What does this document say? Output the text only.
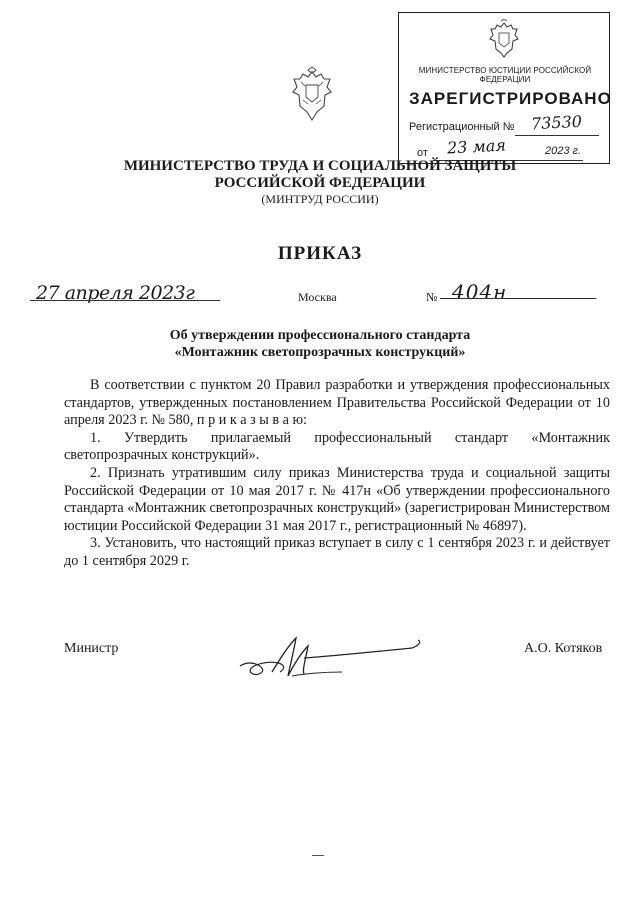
МИНИСТЕРСТВО ЮСТИЦИИ РОССИЙСКОЙ ФЕДЕРАЦИИ
ЗАРЕГИСТРИРОВАНО
Регистрационный № 73530
от 23 мая	2023 г.
МИНИСТЕРСТВО ТРУДА И СОЦИАЛЬНОЙ ЗАЩИТЫ РОССИЙСКОЙ ФЕДЕРАЦИИ
(МИНТРУД РОССИИ)
ПРИКАЗ
27 апреля 2023г	Москва	№ 404н
Об утверждении профессионального стандарта
«Монтажник светопрозрачных конструкций»

В соответствии с пунктом 20 Правил разработки и утверждения профессиональных стандартов, утвержденных постановлением Правительства Российской Федерации от 10 апреля 2023 г. № 580, п р и к а з ы в а ю:

1. Утвердить прилагаемый профессиональный стандарт «Монтажник светопрозрачных конструкций».

2. Признать утратившим силу приказ Министерства труда и социальной защиты Российской Федерации от 10 мая 2017 г. № 417н «Об утверждении профессионального стандарта «Монтажник светопрозрачных конструкций» (зарегистрирован Министерством юстиции Российской Федерации 31 мая 2017 г., регистрационный № 46897).

3. Установить, что настоящий приказ вступает в силу с 1 сентября 2023 г. и действует до 1 сентября 2029 г.

Министр	А.О. Котяков
